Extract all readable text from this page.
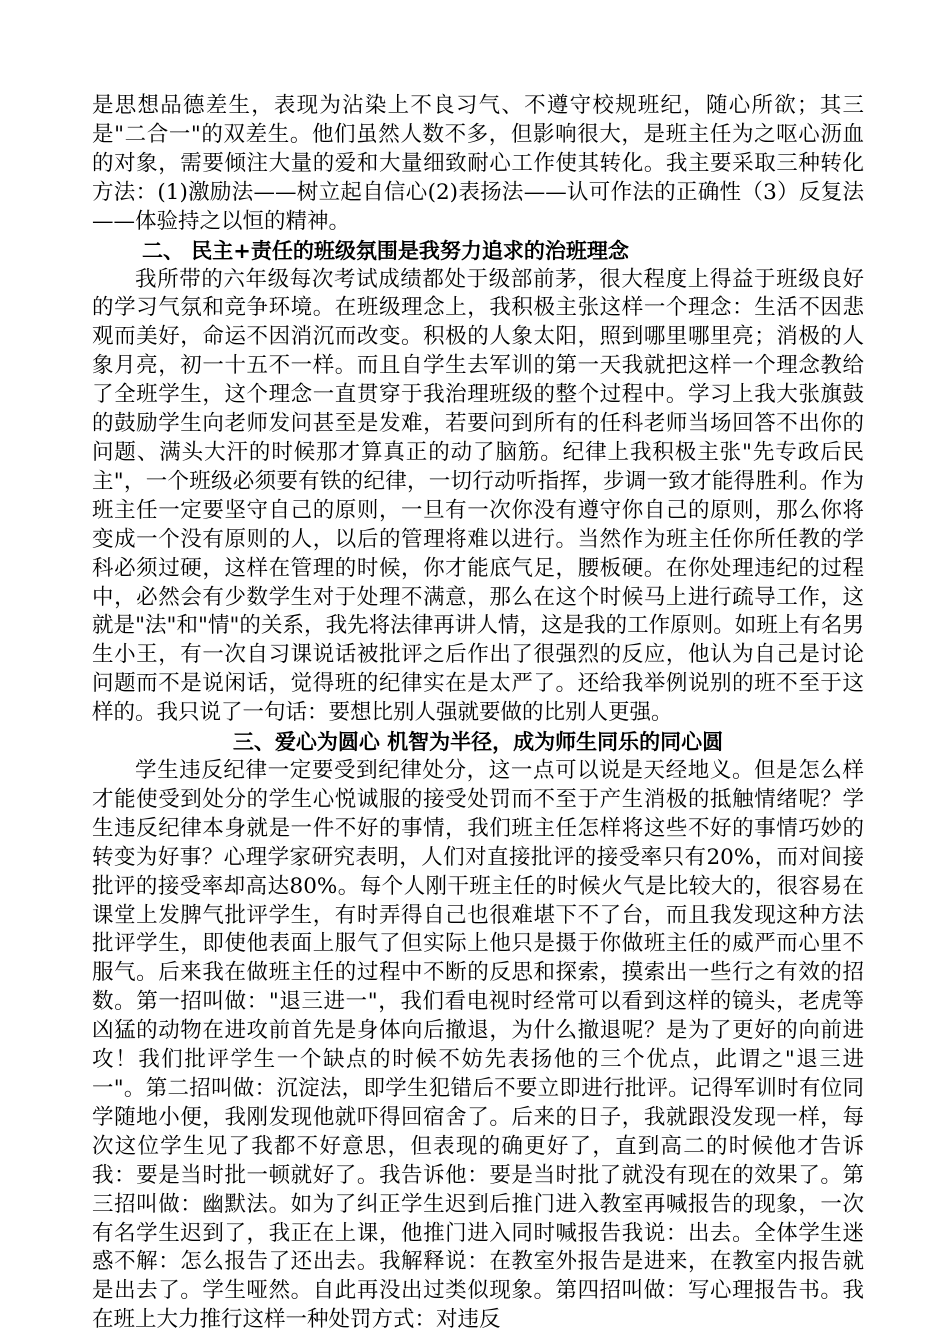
是思想品德差生，表现为沾染上不良习气、不遵守校规班纪，随心所欲；其三是"二合一"的双差生。他们虽然人数不多，但影响很大，是班主任为之呕心沥血的对象，需要倾注大量的爱和大量细致耐心工作使其转化。我主要采取三种转化方法：(1)激励法——树立起自信心(2)表扬法——认可作法的正确性（3）反复法——体验持之以恒的精神。

二、 民主+责任的班级氛围是我努力追求的治班理念

我所带的六年级每次考试成绩都处于级部前茅，很大程度上得益于班级良好的学习气氛和竞争环境。在班级理念上，我积极主张这样一个理念：生活不因悲观而美好，命运不因消沉而改变。积极的人象太阳，照到哪里哪里亮；消极的人象月亮，初一十五不一样。而且自学生去军训的第一天我就把这样一个理念教给了全班学生，这个理念一直贯穿于我治理班级的整个过程中。学习上我大张旗鼓的鼓励学生向老师发问甚至是发难，若要问到所有的任科老师当场回答不出你的问题、满头大汗的时候那才算真正的动了脑筋。纪律上我积极主张"先专政后民主"，一个班级必须要有铁的纪律，一切行动听指挥，步调一致才能得胜利。作为班主任一定要坚守自己的原则，一旦有一次你没有遵守你自己的原则，那么你将变成一个没有原则的人，以后的管理将难以进行。当然作为班主任你所任教的学科必须过硬，这样在管理的时候，你才能底气足，腰板硬。在你处理违纪的过程中，必然会有少数学生对于处理不满意，那么在这个时候马上进行疏导工作，这就是"法"和"情"的关系，我先将法律再讲人情，这是我的工作原则。如班上有名男生小王，有一次自习课说话被批评之后作出了很强烈的反应，他认为自己是讨论问题而不是说闲话，觉得班的纪律实在是太严了。还给我举例说别的班不至于这样的。我只说了一句话：要想比别人强就要做的比别人更强。

三、爱心为圆心 机智为半径，成为师生同乐的同心圆

学生违反纪律一定要受到纪律处分，这一点可以说是天经地义。但是怎么样才能使受到处分的学生心悦诚服的接受处罚而不至于产生消极的抵触情绪呢？学生违反纪律本身就是一件不好的事情，我们班主任怎样将这些不好的事情巧妙的转变为好事？心理学家研究表明，人们对直接批评的接受率只有20%，而对间接批评的接受率却高达80%。每个人刚干班主任的时候火气是比较大的，很容易在课堂上发脾气批评学生，有时弄得自己也很难堪下不了台，而且我发现这种方法批评学生，即使他表面上服气了但实际上他只是摄于你做班主任的威严而心里不服气。后来我在做班主任的过程中不断的反思和探索，摸索出一些行之有效的招数。第一招叫做："退三进一"，我们看电视时经常可以看到这样的镜头，老虎等凶猛的动物在进攻前首先是身体向后撤退，为什么撤退呢？是为了更好的向前进攻！我们批评学生一个缺点的时候不妨先表扬他的三个优点，此谓之"退三进一"。第二招叫做：沉淀法，即学生犯错后不要立即进行批评。记得军训时有位同学随地小便，我刚发现他就吓得回宿舍了。后来的日子，我就跟没发现一样，每次这位学生见了我都不好意思，但表现的确更好了，直到高二的时候他才告诉我：要是当时批一顿就好了。我告诉他：要是当时批了就没有现在的效果了。第三招叫做：幽默法。如为了纠正学生迟到后推门进入教室再喊报告的现象，一次有名学生迟到了，我正在上课，他推门进入同时喊报告我说：出去。全体学生迷惑不解：怎么报告了还出去。我解释说：在教室外报告是进来，在教室内报告就是出去了。学生哑然。自此再没出过类似现象。第四招叫做：写心理报告书。我在班上大力推行这样一种处罚方式：对违反
